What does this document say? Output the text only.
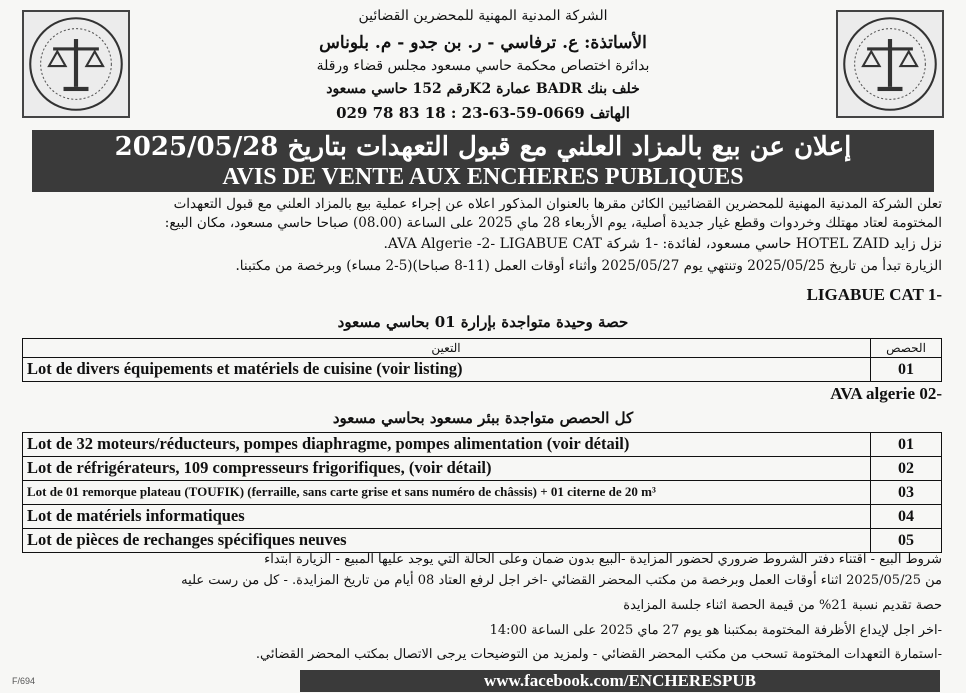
الشركة المدنية المهنية للمحضرين القضائين
الأساتذة: ع. ترفاسي - ر. بن جدو - م. بلوناس
بدائرة اختصاص محكمة حاسي مسعود مجلس قضاء ورقلة
خلف بنك BADR عمارة K2رقم 152 حاسي مسعود
029 78 83 18 : الهاتف 0669-59-63-23
إعلان عن بيع بالمزاد العلني مع قبول التعهدات بتاريخ 2025/05/28
AVIS DE VENTE AUX ENCHERES PUBLIQUES
تعلن الشركة المدنية المهنية للمحضرين القضائيين الكائن مقرها بالعنوان المذكور اعلاه عن إجراء عملية بيع بالمزاد العلني مع قبول التعهدات
المختومة لعتاد مهتلك وخردوات وقطع غيار جديدة أصلية، يوم الأربعاء 28 ماي 2025 على الساعة (08.00) صباحا حاسي مسعود، مكان البيع:
نزل زايد HOTEL ZAID حاسي مسعود، لفائدة: -1 شركة AVA Algerie -2- LIGABUE CAT.
الزيارة تبدأ من تاريخ 2025/05/25 وتنتهي يوم 2025/05/27 وأثناء أوقات العمل (11-8 صباحا)(5-2 مساء) وبرخصة من مكتبنا.
LIGABUE CAT 1-
حصة وحيدة متواجدة بإرارة 01 بحاسي مسعود
التعين	الحصص
Lot de divers équipements et matériels de cuisine (voir listing)	01
AVA algerie 02-
كل الحصص متواجدة ببئر مسعود بحاسي مسعود
Lot de 32 moteurs/réducteurs, pompes diaphragme, pompes alimentation (voir détail)	01
Lot de réfrigérateurs, 109 compresseurs frigorifiques, (voir détail)	02
Lot de 01 remorque plateau (TOUFIK) (ferraille, sans carte grise et sans numéro de châssis) + 01 citerne de 20 m³	03
Lot de matériels informatiques	04
Lot de pièces de rechanges spécifiques neuves	05
شروط البيع - اقتناء دفتر الشروط ضروري لحضور المزايدة -البيع بدون ضمان وعلى الحالة التي يوجد عليها المبيع - الزيارة ابتداء
من 2025/05/25 اثناء أوقات العمل وبرخصة من مكتب المحضر القضائي -اخر اجل لرفع العتاد 08 أيام من تاريخ المزايدة. - كل من رست عليه
حصة تقديم نسبة 21% من قيمة الحصة اثناء جلسة المزايدة
-اخر اجل لإيداع الأظرفة المختومة بمكتبنا هو يوم 27 ماي 2025 على الساعة 14:00
-استمارة التعهدات المختومة تسحب من مكتب المحضر القضائي - ولمزيد من التوضيحات يرجى الاتصال بمكتب المحضر القضائي.
F/694	www.facebook.com/ENCHERESPUB
